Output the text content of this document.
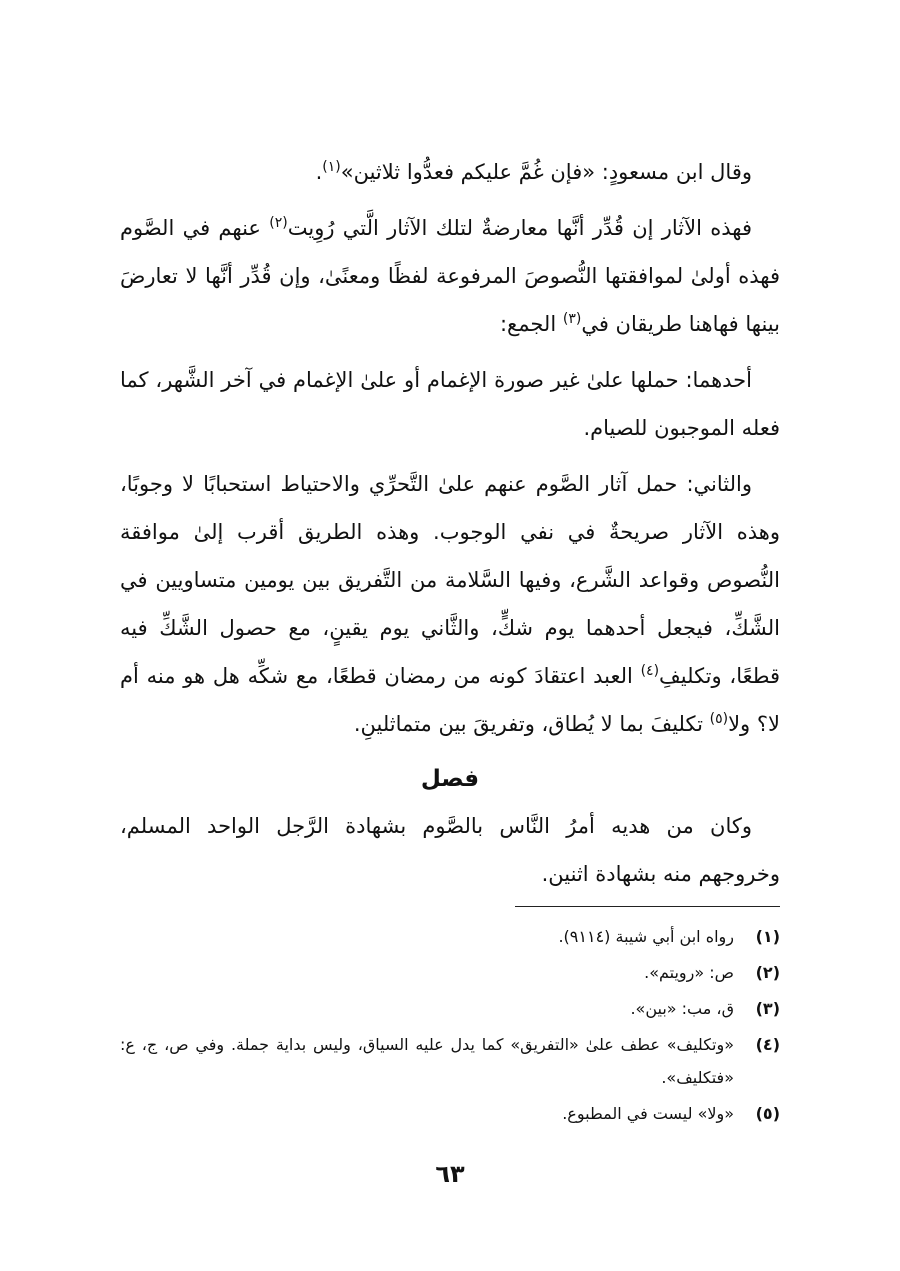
وقال ابن مسعودٍ: «فإن غُمَّ عليكم فعدُّوا ثلاثين»$^{(١)}$.

فهذه الآثار إن قُدِّر أنَّها معارضةٌ لتلك الآثار الَّتي رُوِيت$^{(٢)}$ عنهم في الصَّوم فهذه أولىٰ لموافقتها النُّصوصَ المرفوعة لفظًا ومعنًىٰ، وإن قُدِّر أنَّها لا تعارضَ بينها فهاهنا طريقان في$^{(٣)}$ الجمع:

أحدهما: حملها علىٰ غير صورة الإغمام أو علىٰ الإغمام في آخر الشَّهر، كما فعله الموجبون للصيام.

والثاني: حمل آثار الصَّوم عنهم علىٰ التَّحرِّي والاحتياط استحبابًا لا وجوبًا، وهذه الآثار صريحةٌ في نفي الوجوب. وهذه الطريق أقرب إلىٰ موافقة النُّصوص وقواعد الشَّرع، وفيها السَّلامة من التَّفريق بين يومين متساويين في الشَّكِّ، فيجعل أحدهما يوم شكٍّ، والثَّاني يوم يقينٍ، مع حصول الشَّكِّ فيه قطعًا، وتكليفِ$^{(٤)}$ العبد اعتقادَ كونه من رمضان قطعًا، مع شكِّه هل هو منه أم لا؟ ولا$^{(٥)}$ تكليفَ بما لا يُطاق، وتفريقَ بين متماثلينِ.

فصل

وكان من هديه أمرُ النَّاس بالصَّوم بشهادة الرَّجل الواحد المسلم، وخروجهم منه بشهادة اثنين.

(١)
رواه ابن أبي شيبة (٩١١٤).
(٢)
ص: «رويتم».
(٣)
ق، مب: «بين».
(٤)
«وتكليف» عطف علىٰ «التفريق» كما يدل عليه السياق، وليس بداية جملة. وفي ص، ج، ع: «فتكليف».
(٥)
«ولا» ليست في المطبوع.
٦٣
